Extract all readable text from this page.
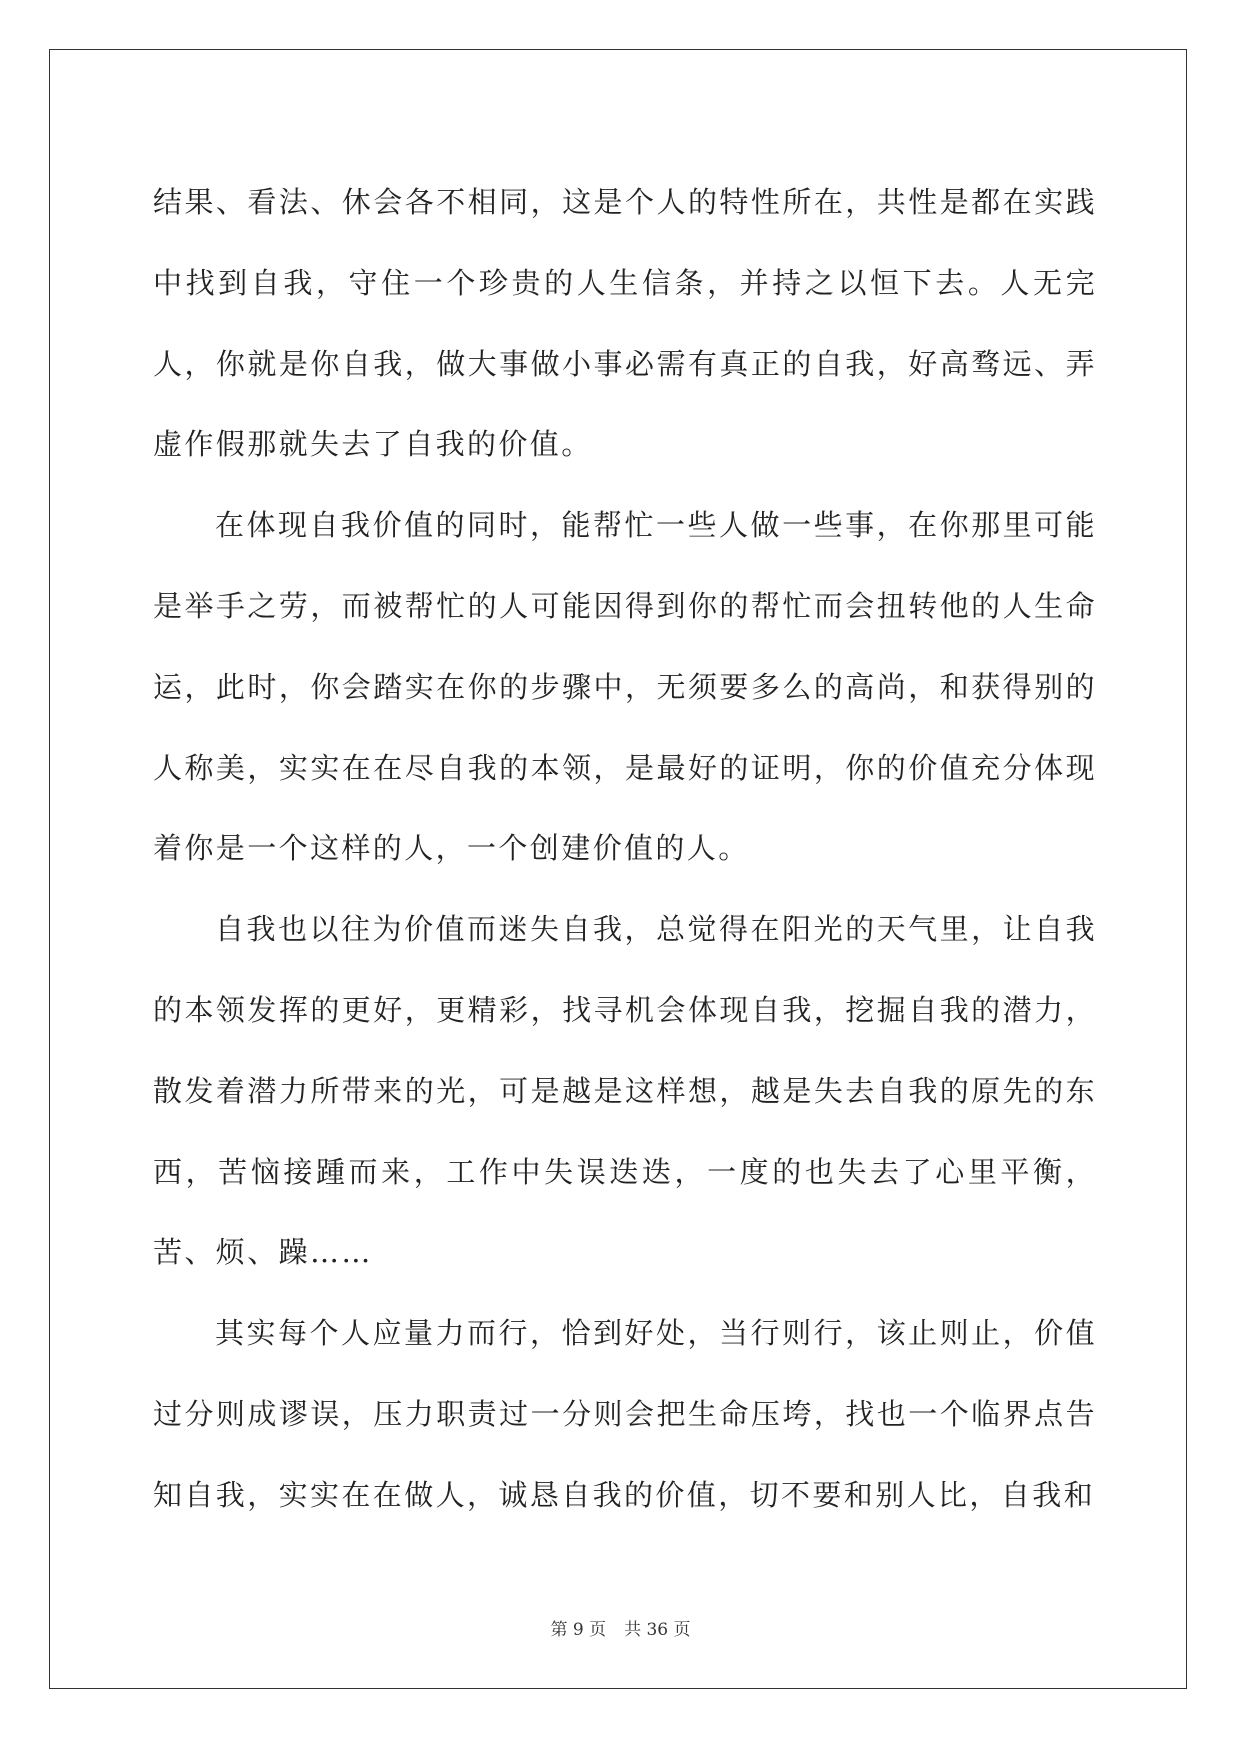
结果、看法、休会各不相同，这是个人的特性所在，共性是都在实践中找到自我，守住一个珍贵的人生信条，并持之以恒下去。人无完人，你就是你自我，做大事做小事必需有真正的自我，好高骛远、弄虚作假那就失去了自我的价值。

在体现自我价值的同时，能帮忙一些人做一些事，在你那里可能是举手之劳，而被帮忙的人可能因得到你的帮忙而会扭转他的人生命运，此时，你会踏实在你的步骤中，无须要多么的高尚，和获得别的人称美，实实在在尽自我的本领，是最好的证明，你的价值充分体现着你是一个这样的人，一个创建价值的人。

自我也以往为价值而迷失自我，总觉得在阳光的天气里，让自我的本领发挥的更好，更精彩，找寻机会体现自我，挖掘自我的潜力，散发着潜力所带来的光，可是越是这样想，越是失去自我的原先的东西，苦恼接踵而来，工作中失误迭迭，一度的也失去了心里平衡，苦、烦、躁……

其实每个人应量力而行，恰到好处，当行则行，该止则止，价值过分则成谬误，压力职责过一分则会把生命压垮，找也一个临界点告知自我，实实在在做人，诚恳自我的价值，切不要和别人比，自我和

第 9 页 共 36 页
